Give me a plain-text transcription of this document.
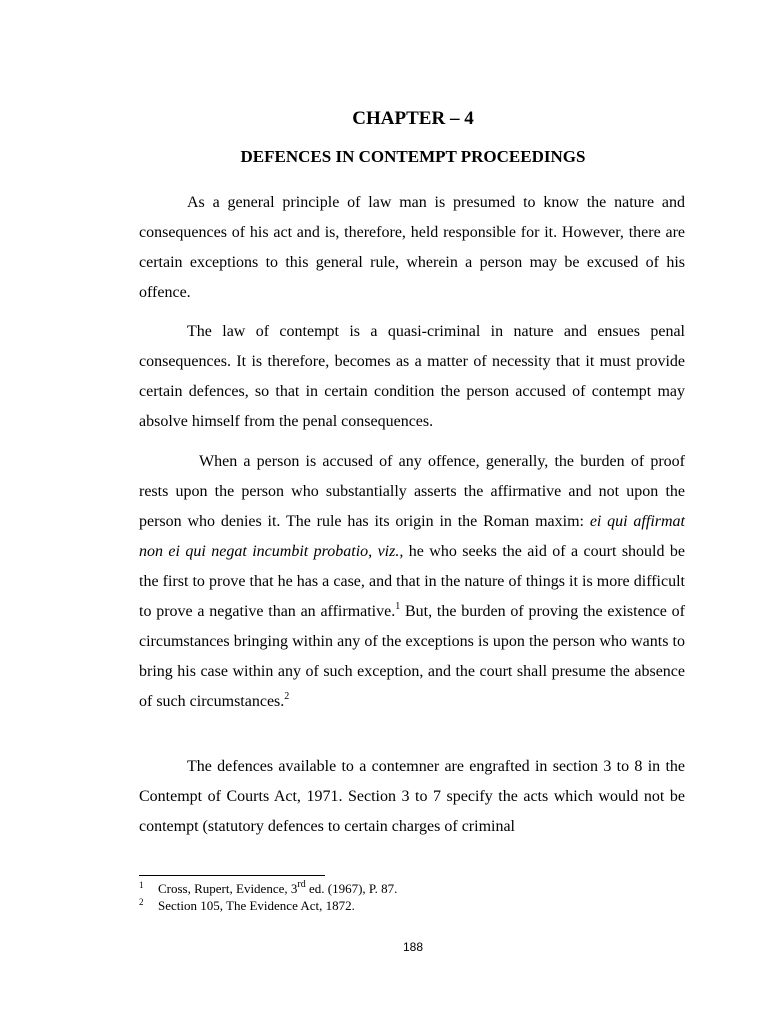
CHAPTER – 4
DEFENCES IN CONTEMPT PROCEEDINGS

As a general principle of law man is presumed to know the nature and consequences of his act and is, therefore, held responsible for it. However, there are certain exceptions to this general rule, wherein a person may be excused of his offence.

The law of contempt is a quasi-criminal in nature and ensues penal consequences. It is therefore, becomes as a matter of necessity that it must provide certain defences, so that in certain condition the person accused of contempt may absolve himself from the penal consequences.

When a person is accused of any offence, generally, the burden of proof rests upon the person who substantially asserts the affirmative and not upon the person who denies it. The rule has its origin in the Roman maxim: ei qui affirmat non ei qui negat incumbit probatio, viz., he who seeks the aid of a court should be the first to prove that he has a case, and that in the nature of things it is more difficult to prove a negative than an affirmative.$^1$ But, the burden of proving the existence of circumstances bringing within any of the exceptions is upon the person who wants to bring his case within any of such exception, and the court shall presume the absence of such circumstances.$^2$

The defences available to a contemner are engrafted in section 3 to 8 in the Contempt of Courts Act, 1971. Section 3 to 7 specify the acts which would not be contempt (statutory defences to certain charges of criminal

1 Cross, Rupert, Evidence, 3rd ed. (1967), P. 87.

2 Section 105, The Evidence Act, 1872.

188
